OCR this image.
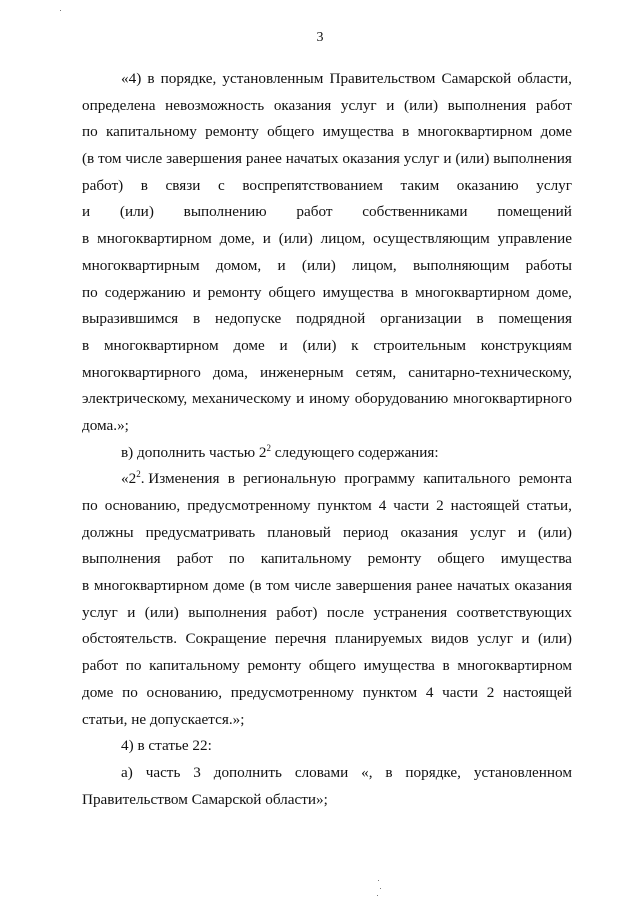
3
«4) в порядке, установленным Правительством Самарской области,
определена невозможность оказания услуг и (или) выполнения работ
по капитальному ремонту общего имущества в многоквартирном доме
(в том числе завершения ранее начатых оказания услуг и (или) выполнения
работ) в связи с воспрепятствованием таким оказанию услуг
и (или) выполнению работ собственниками помещений
в многоквартирном доме, и (или) лицом, осуществляющим управление
многоквартирным домом, и (или) лицом, выполняющим работы
по содержанию и ремонту общего имущества в многоквартирном доме,
выразившимся в недопуске подрядной организации в помещения
в многоквартирном доме и (или) к строительным конструкциям
многоквартирного дома, инженерным сетям, санитарно-техническому,
электрическому, механическому и иному оборудованию многоквартирного
дома.»;
в) дополнить частью $2^2$ следующего содержания:
«$2^2$. Изменения в региональную программу капитального ремонта
по основанию, предусмотренному пунктом 4 части 2 настоящей статьи,
должны предусматривать плановый период оказания услуг и (или)
выполнения работ по капитальному ремонту общего имущества
в многоквартирном доме (в том числе завершения ранее начатых оказания
услуг и (или) выполнения работ) после устранения соответствующих
обстоятельств. Сокращение перечня планируемых видов услуг и (или)
работ по капитальному ремонту общего имущества в многоквартирном
доме по основанию, предусмотренному пунктом 4 части 2 настоящей
статьи, не допускается.»;
4) в статье 22:
а) часть 3 дополнить словами «, в порядке, установленном
Правительством Самарской области»;
